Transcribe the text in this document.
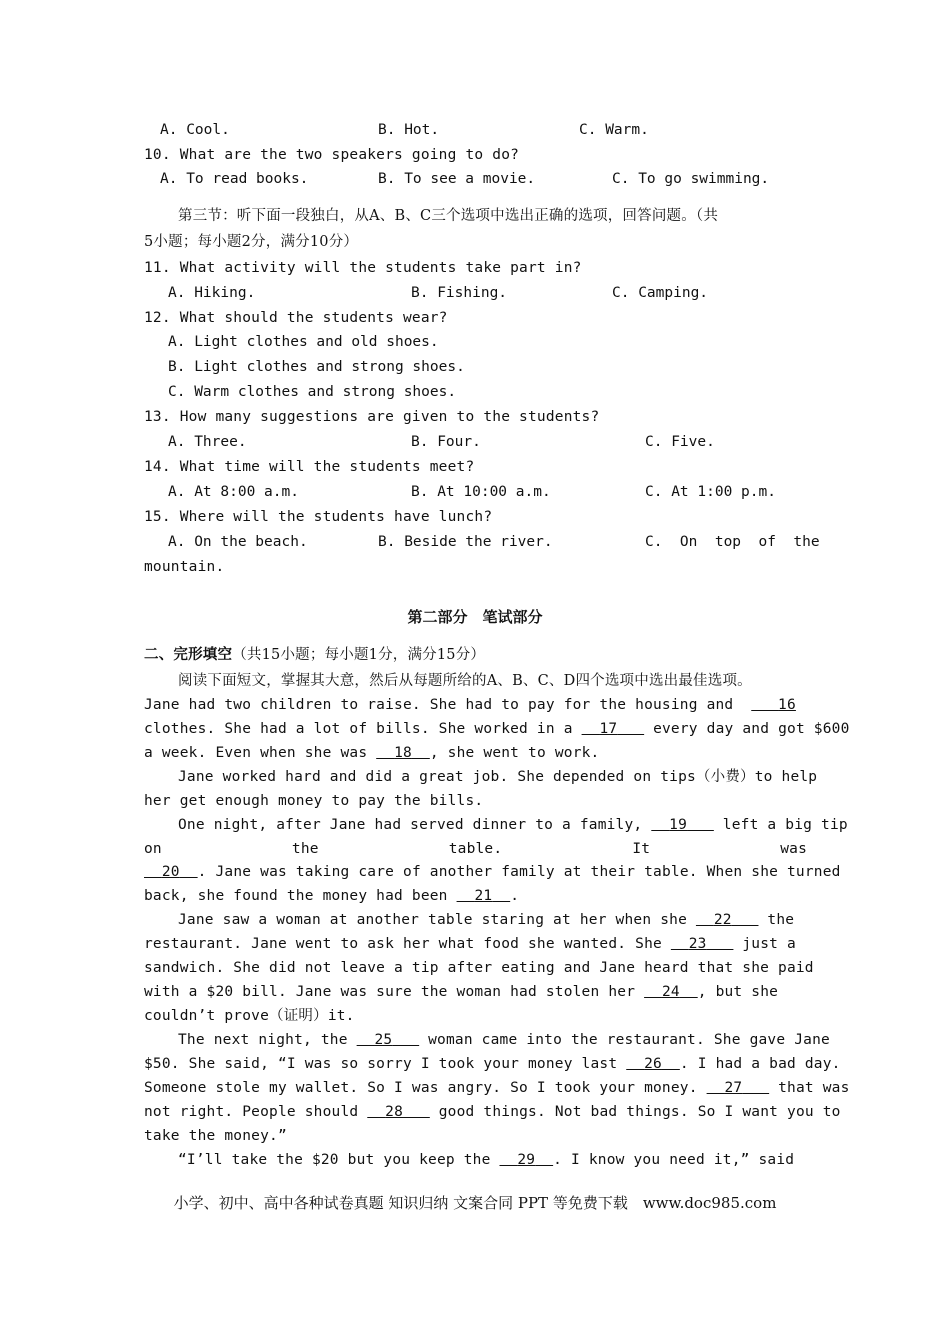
A. Cool.	B. Hot.	C. Warm.
10. What are the two speakers going to do?
A. To read books.	B. To see a movie.	C. To go swimming.
第三节：听下面一段独白，从A、B、C三个选项中选出正确的选项，回答问题。（共
5小题；每小题2分，满分10分）
11. What activity will the students take part in?
A. Hiking.	B. Fishing.	C. Camping.
12. What should the students wear?
A. Light clothes and old shoes.
B. Light clothes and strong shoes.
C. Warm clothes and strong shoes.
13. How many suggestions are given to the students?
A. Three.	B. Four.	C. Five.
14. What time will the students meet?
A. At 8:00 a.m.	B. At 10:00 a.m.	C. At 1:00 p.m.
15. Where will the students have lunch?
A. On the beach.	B. Beside the river.	C.  On  top  of  the
mountain.
第二部分　笔试部分
二、完形填空（共15小题；每小题1分，满分15分）
阅读下面短文，掌握其大意，然后从每题所给的A、B、C、D四个选项中选出最佳选项。
Jane had two children to raise. She had to pay for the housing and	16
clothes. She had a lot of bills. She worked in a 17 every day and got $600
a week. Even when she was 18 , she went to work.
Jane worked hard and did a great job. She depended on tips（小费）to help
her get enough money to pay the bills.
One night, after Jane had served dinner to a family, 19 left a big tip
on	the	table.	It	was
20 . Jane was taking care of another family at their table. When she turned
back, she found the money had been 21 .
Jane saw a woman at another table staring at her when she 22 the
restaurant. Jane went to ask her what food she wanted. She 23 just a
sandwich. She did not leave a tip after eating and Jane heard that she paid
with a $20 bill. Jane was sure the woman had stolen her 24 , but she
couldn’t prove（证明）it.
The next night, the 25 woman came into the restaurant. She gave Jane
$50. She said, “I was so sorry I took your money last 26 . I had a bad day.
Someone stole my wallet. So I was angry. So I took your money. 27 that was
not right. People should 28 good things. Not bad things. So I want you to
take the money.”
“I’ll take the $20 but you keep the 29 . I know you need it,” said
小学、初中、高中各种试卷真题 知识归纳 文案合同 PPT 等免费下载　www.doc985.com
